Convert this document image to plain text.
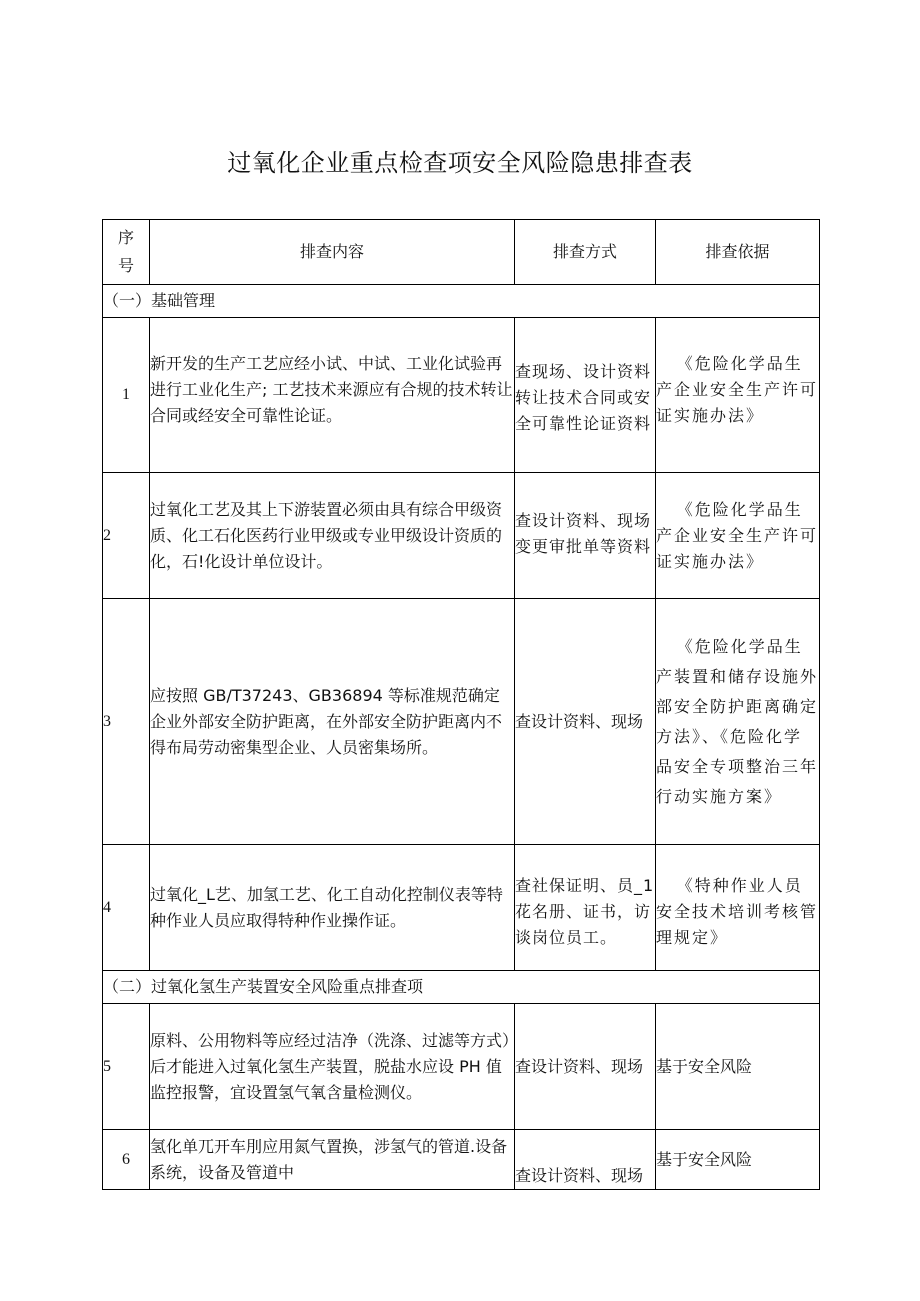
过氧化企业重点检查项安全风险隐患排查表
序
号	排查内容	排查方式	排查依据
（一）基础管理			
1	新开发的生产工艺应经小试、中试、工业化试验再进行工业化生产; 工艺技术来源应有合规的技术转让合同或经安全可靠性论证。	查现场、设计资料转让技术合同或安全可靠性论证资料	《危险化学品生产企业安全生产许可证实施办法》
2	过氧化工艺及其上下游装置必须由具有综合甲级资质、化工石化医药行业甲级或专业甲级设计资质的化，石!化设计单位设计。	查设计资料、现场变更审批单等资料	《危险化学品生产企业安全生产许可证实施办法》
3	应按照 GB/T37243、GB36894 等标准规范确定企业外部安全防护距离，在外部安全防护距离内不得布局劳动密集型企业、人员密集场所。	查设计资料、现场	《危险化学品生产装置和储存设施外部安全防护距离确定方法》、《危险化学品安全专项整治三年行动实施方案》
4	过氧化_L艺、加氢工艺、化工自动化控制仪表等特种作业人员应取得特种作业操作证。	查社保证明、员_1花名册、证书，访谈岗位员工。	《特种作业人员安全技术培训考核管理规定》
（二）过氧化氢生产装置安全风险重点排查项			
5	原料、公用物料等应经过洁净（洗涤、过滤等方式）后才能进入过氧化氢生产装置，脱盐水应设 PH 值监控报警，宜设置氢气氧含量检测仪。	查设计资料、现场	基于安全风险
6	氢化单兀开车刖应用氮气置换，涉氢气的管道.设备系统，设备及管道中	查设计资料、现场	基于安全风险
